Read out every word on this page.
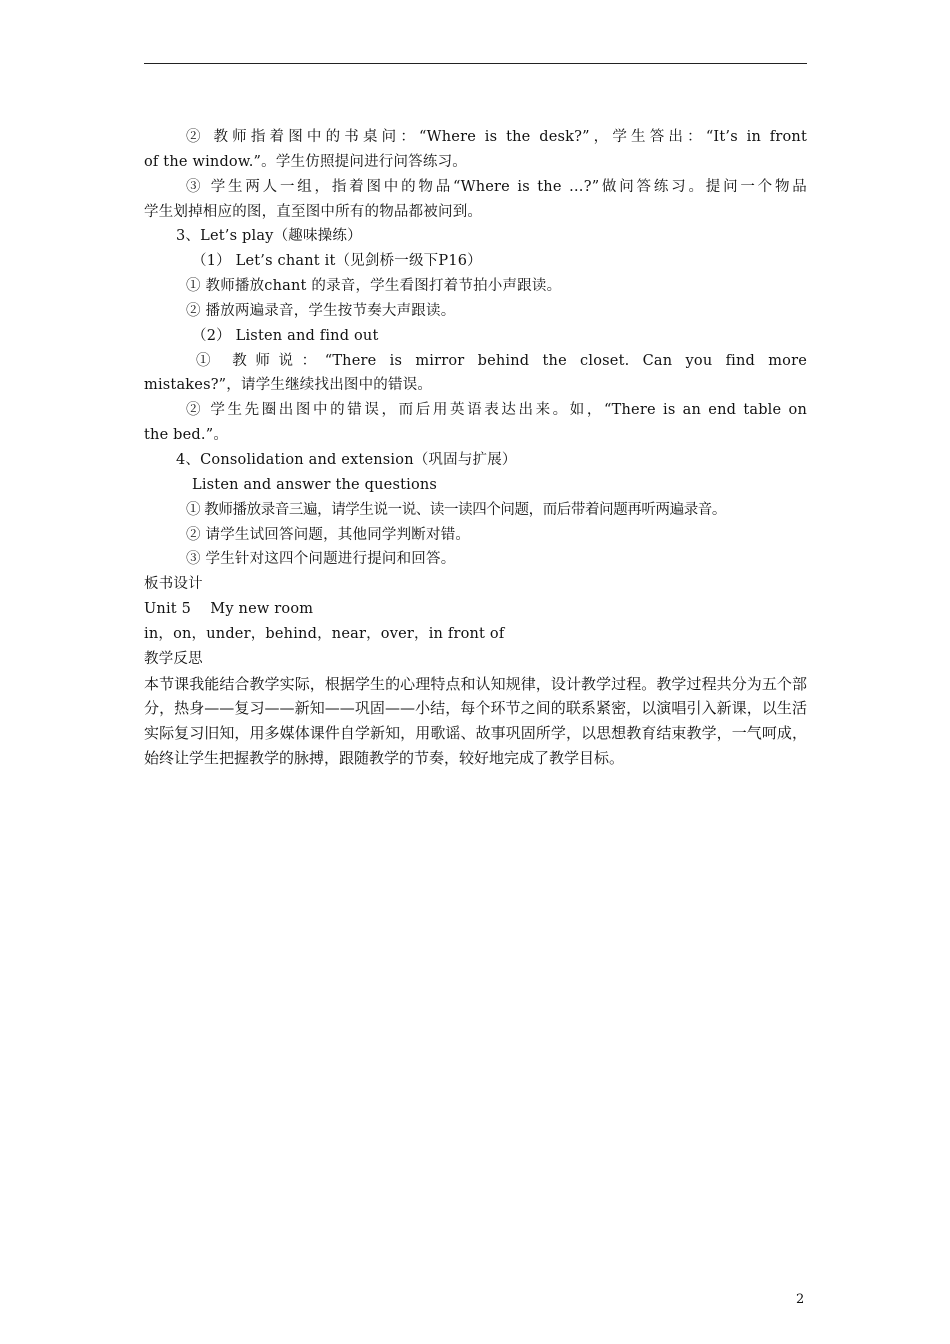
② 教师指着图中的书桌问：“Where is the desk?”，学生答出：“It’s in front
of the window.”。学生仿照提问进行问答练习。
③ 学生两人一组，指着图中的物品“Where is the …?”做问答练习。提问一个物品
学生划掉相应的图，直至图中所有的物品都被问到。
3、Let’s play（趣味操练）
（1） Let’s chant it（见剑桥一级下P16）
① 教师播放chant 的录音，学生看图打着节拍小声跟读。
② 播放两遍录音，学生按节奏大声跟读。
（2） Listen and find out
① 教师说：“There is mirror behind the closet. Can you find more
mistakes?”，请学生继续找出图中的错误。
② 学生先圈出图中的错误，而后用英语表达出来。如，“There is an end table on
the bed.”。
4、Consolidation and extension（巩固与扩展）
Listen and answer the questions
① 教师播放录音三遍，请学生说一说、读一读四个问题，而后带着问题再听两遍录音。
② 请学生试回答问题，其他同学判断对错。
③ 学生针对这四个问题进行提问和回答。
板书设计
Unit 5    My new room
in，on，under，behind，near，over，in front of
教学反思
本节课我能结合教学实际，根据学生的心理特点和认知规律，设计教学过程。教学过程共分为五个部分，热身——复习——新知——巩固——小结，每个环节之间的联系紧密，以演唱引入新课，以生活实际复习旧知，用多媒体课件自学新知，用歌谣、故事巩固所学，以思想教育结束教学，一气呵成，始终让学生把握教学的脉搏，跟随教学的节奏，较好地完成了教学目标。
2
